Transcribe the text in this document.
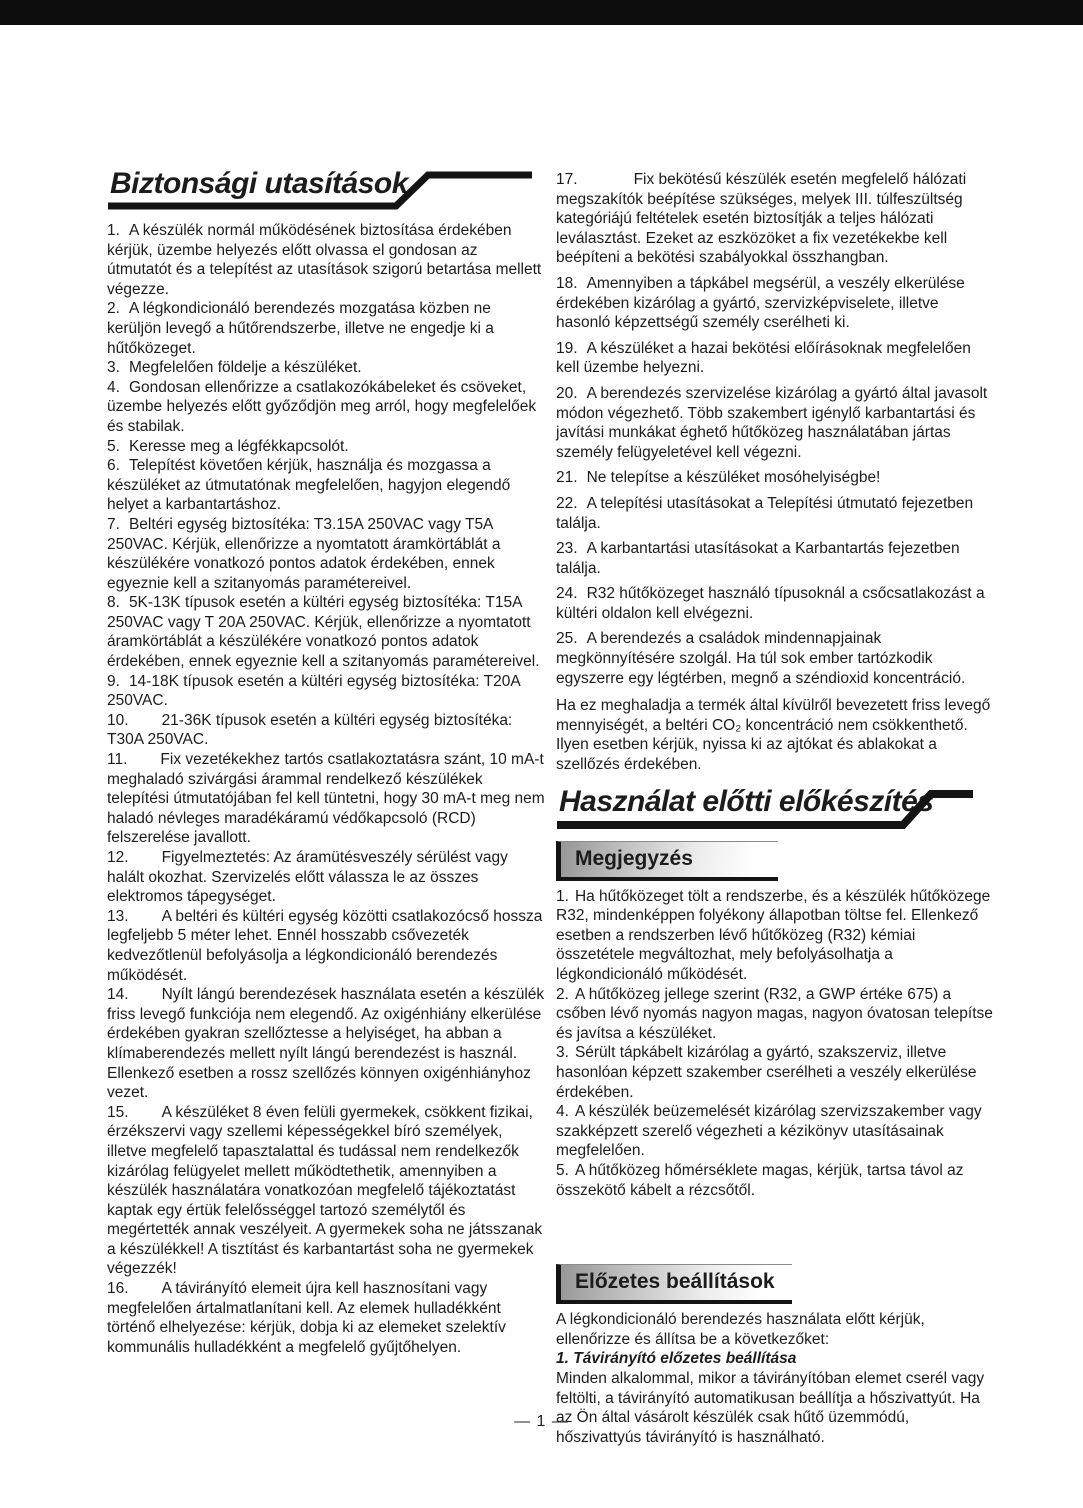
Biztonsági utasítások

1. A készülék normál működésének biztosítása érdekében kérjük, üzembe helyezés előtt olvassa el gondosan az útmutatót és a telepítést az utasítások szigorú betartása mellett végezze.

2. A légkondicionáló berendezés mozgatása közben ne kerüljön levegő a hűtőrendszerbe, illetve ne engedje ki a hűtőközeget.

3. Megfelelően földelje a készüléket.

4. Gondosan ellenőrizze a csatlakozókábeleket és csöveket, üzembe helyezés előtt győződjön meg arról, hogy megfelelőek és stabilak.

5. Keresse meg a légfékkapcsolót.

6. Telepítést követően kérjük, használja és mozgassa a készüléket az útmutatónak megfelelően, hagyjon elegendő helyet a karbantartáshoz.

7. Beltéri egység biztosítéka: T3.15A 250VAC vagy T5A 250VAC. Kérjük, ellenőrizze a nyomtatott áramkörtáblát a készülékére vonatkozó pontos adatok érdekében, ennek egyeznie kell a szitanyomás paramétereivel.

8. 5K-13K típusok esetén a kültéri egység biztosítéka: T15A 250VAC vagy T 20A 250VAC. Kérjük, ellenőrizze a nyomtatott áramkörtáblát a készülékére vonatkozó pontos adatok érdekében, ennek egyeznie kell a szitanyomás paramétereivel.

9. 14-18K típusok esetén a kültéri egység biztosítéka: T20A 250VAC.

10. 21-36K típusok esetén a kültéri egység biztosítéka: T30A 250VAC.

11. Fix vezetékekhez tartós csatlakoztatásra szánt, 10 mA-t meghaladó szivárgási árammal rendelkező készülékek telepítési útmutatójában fel kell tüntetni, hogy 30 mA-t meg nem haladó névleges maradékáramú védőkapcsoló (RCD) felszerelése javallott.

12. Figyelmeztetés: Az áramütésveszély sérülést vagy halált okozhat. Szervizelés előtt válassza le az összes elektromos tápegységet.

13. A beltéri és kültéri egység közötti csatlakozócső hossza legfeljebb 5 méter lehet. Ennél hosszabb csővezeték kedvezőtlenül befolyásolja a légkondicionáló berendezés működését.

14. Nyílt lángú berendezések használata esetén a készülék friss levegő funkciója nem elegendő. Az oxigénhiány elkerülése érdekében gyakran szellőztesse a helyiséget, ha abban a klímaberendezés mellett nyílt lángú berendezést is használ. Ellenkező esetben a rossz szellőzés könnyen oxigénhiányhoz vezet.

15. A készüléket 8 éven felüli gyermekek, csökkent fizikai, érzékszervi vagy szellemi képességekkel bíró személyek, illetve megfelelő tapasztalattal és tudással nem rendelkezők kizárólag felügyelet mellett működtethetik, amennyiben a készülék használatára vonatkozóan megfelelő tájékoztatást kaptak egy értük felelősséggel tartozó személytől és megértették annak veszélyeit. A gyermekek soha ne játsszanak a készülékkel! A tisztítást és karbantartást soha ne gyermekek végezzék!

16. A távirányító elemeit újra kell hasznosítani vagy megfelelően ártalmatlanítani kell. Az elemek hulladékként történő elhelyezése: kérjük, dobja ki az elemeket szelektív kommunális hulladékként a megfelelő gyűjtőhelyen.

17.	Fix bekötésű készülék esetén megfelelő hálózati megszakítók beépítése szükséges, melyek III. túlfeszültség kategóriájú feltételek esetén biztosítják a teljes hálózati leválasztást. Ezeket az eszközöket a fix vezetékekbe kell beépíteni a bekötési szabályokkal összhangban.

18. Amennyiben a tápkábel megsérül, a veszély elkerülése érdekében kizárólag a gyártó, szervizképviselete, illetve hasonló képzettségű személy cserélheti ki.

19. A készüléket a hazai bekötési előírásoknak megfelelően kell üzembe helyezni.

20. A berendezés szervizelése kizárólag a gyártó által javasolt módon végezhető. Több szakembert igénylő karbantartási és javítási munkákat éghető hűtőközeg használatában jártas személy felügyeletével kell végezni.

21. Ne telepítse a készüléket mosóhelyiségbe!

22. A telepítési utasításokat a Telepítési útmutató fejezetben találja.

23. A karbantartási utasításokat a Karbantartás fejezetben találja.

24. R32 hűtőközeget használó típusoknál a csőcsatlakozást a kültéri oldalon kell elvégezni.

25. A berendezés a családok mindennapjainak megkönnyítésére szolgál. Ha túl sok ember tartózkodik egyszerre egy légtérben, megnő a széndioxid koncentráció.

Ha ez meghaladja a termék által kívülről bevezetett friss levegő mennyiségét, a beltéri CO₂ koncentráció nem csökkenthető. Ilyen esetben kérjük, nyissa ki az ajtókat és ablakokat a szellőzés érdekében.

Használat előtti előkészítés
Megjegyzés

1. Ha hűtőközeget tölt a rendszerbe, és a készülék hűtőközege R32, mindenképpen folyékony állapotban töltse fel. Ellenkező esetben a rendszerben lévő hűtőközeg (R32) kémiai összetétele megváltozhat, mely befolyásolhatja a légkondicionáló működését.

2. A hűtőközeg jellege szerint (R32, a GWP értéke 675) a csőben lévő nyomás nagyon magas, nagyon óvatosan telepítse és javítsa a készüléket.

3. Sérült tápkábelt kizárólag a gyártó, szakszerviz, illetve hasonlóan képzett szakember cserélheti a veszély elkerülése érdekében.

4. A készülék beüzemelését kizárólag szervizszakember vagy szakképzett szerelő végezheti a kézikönyv utasításainak megfelelően.

5. A hűtőközeg hőmérséklete magas, kérjük, tartsa távol az összekötő kábelt a rézcsőtől.

Előzetes beállítások

A légkondicionáló berendezés használata előtt kérjük, ellenőrizze és állítsa be a következőket:

1. Távirányító előzetes beállítása

Minden alkalommal, mikor a távirányítóban elemet cserél vagy feltölti, a távirányító automatikusan beállítja a hőszivattyút. Ha az Ön által vásárolt készülék csak hűtő üzemmódú, hőszivattyús távirányító is használható.

— 1 —
